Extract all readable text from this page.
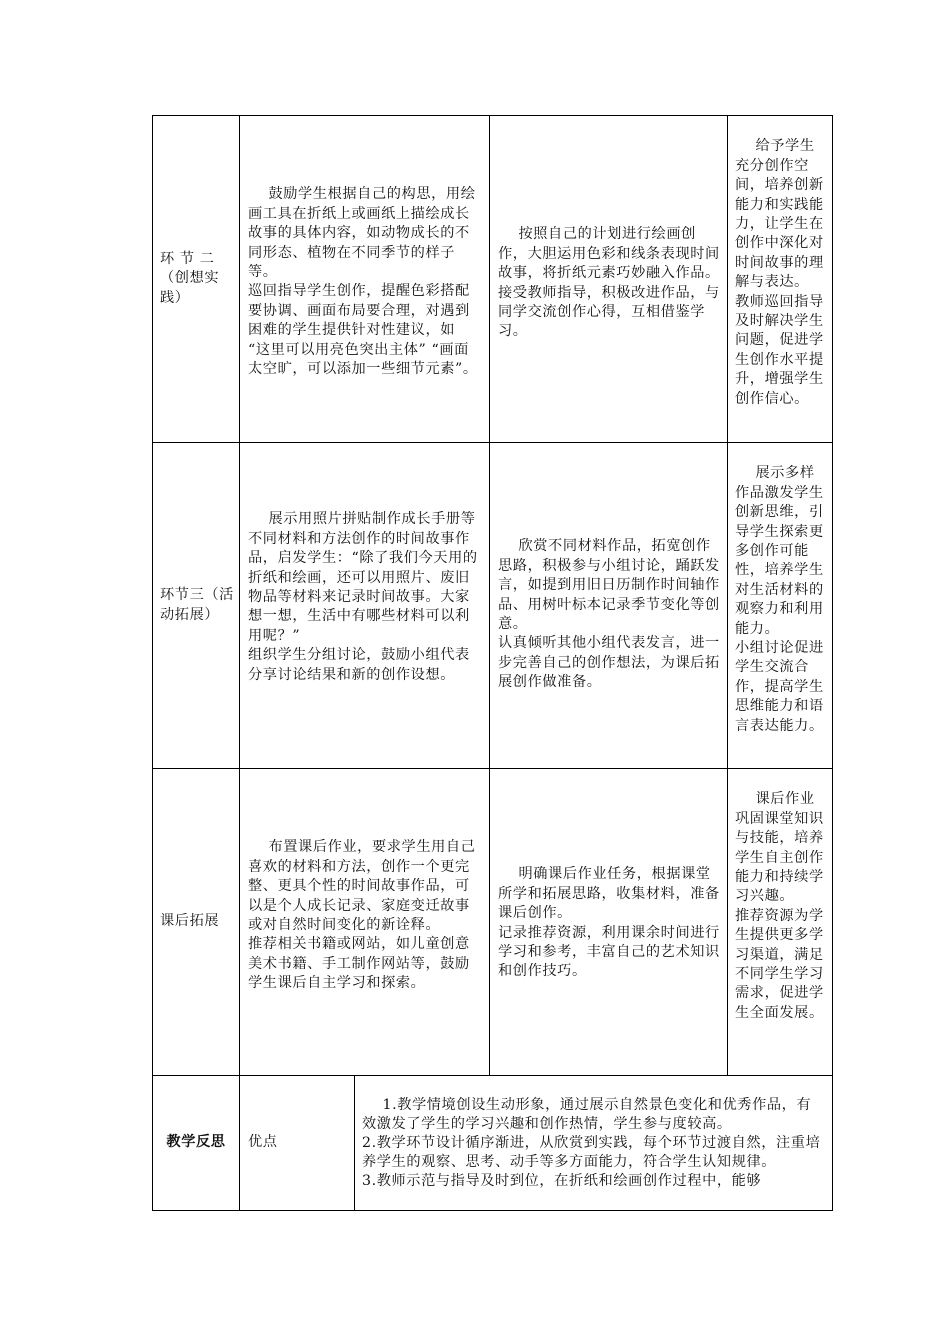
环 节 二（创想实践）

鼓励学生根据自己的构思，用绘画工具在折纸上或画纸上描绘成长故事的具体内容，如动物成长的不同形态、植物在不同季节的样子等。
巡回指导学生创作，提醒色彩搭配要协调、画面布局要合理，对遇到困难的学生提供针对性建议，如 “这里可以用亮色突出主体” “画面太空旷，可以添加一些细节元素”。

按照自己的计划进行绘画创作，大胆运用色彩和线条表现时间故事，将折纸元素巧妙融入作品。
接受教师指导，积极改进作品，与同学交流创作心得，互相借鉴学习。

给予学生充分创作空间，培养创新能力和实践能力，让学生在创作中深化对时间故事的理解与表达。
教师巡回指导及时解决学生问题，促进学生创作水平提升，增强学生创作信心。

环节三（活动拓展）

展示用照片拼贴制作成长手册等不同材料和方法创作的时间故事作品，启发学生：“除了我们今天用的折纸和绘画，还可以用照片、废旧物品等材料来记录时间故事。大家想一想，生活中有哪些材料可以利用呢？”
组织学生分组讨论，鼓励小组代表分享讨论结果和新的创作设想。

欣赏不同材料作品，拓宽创作思路，积极参与小组讨论，踊跃发言，如提到用旧日历制作时间轴作品、用树叶标本记录季节变化等创意。
认真倾听其他小组代表发言，进一步完善自己的创作想法，为课后拓展创作做准备。

展示多样作品激发学生创新思维，引导学生探索更多创作可能性，培养学生对生活材料的观察力和利用能力。
小组讨论促进学生交流合作，提高学生思维能力和语言表达能力。

课后拓展

布置课后作业，要求学生用自己喜欢的材料和方法，创作一个更完整、更具个性的时间故事作品，可以是个人成长记录、家庭变迁故事或对自然时间变化的新诠释。
推荐相关书籍或网站，如儿童创意美术书籍、手工制作网站等，鼓励学生课后自主学习和探索。

明确课后作业任务，根据课堂所学和拓展思路，收集材料，准备课后创作。
记录推荐资源，利用课余时间进行学习和参考，丰富自己的艺术知识和创作技巧。

课后作业巩固课堂知识与技能，培养学生自主创作能力和持续学习兴趣。
推荐资源为学生提供更多学习渠道，满足不同学生学习需求，促进学生全面发展。

教学反思 优点

1.教学情境创设生动形象，通过展示自然景色变化和优秀作品，有效激发了学生的学习兴趣和创作热情，学生参与度较高。
2.教学环节设计循序渐进，从欣赏到实践，每个环节过渡自然，注重培养学生的观察、思考、动手等多方面能力，符合学生认知规律。
3.教师示范与指导及时到位，在折纸和绘画创作过程中，能够
